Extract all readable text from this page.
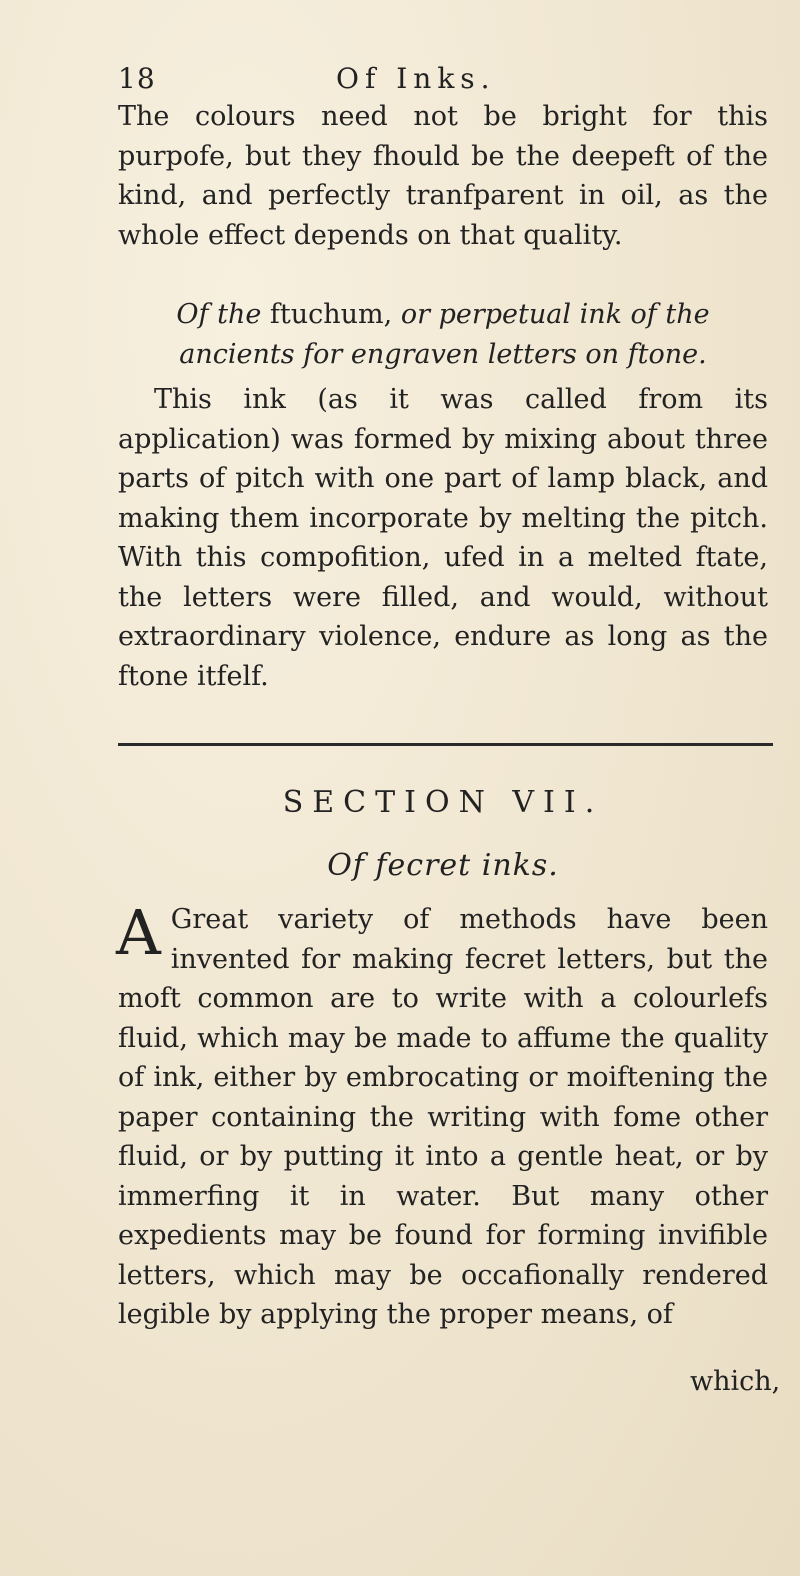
18	Of Inks.

The colours need not be bright for this purpofe, but they fhould be the deepeft of the kind, and perfectly tranfparent in oil, as the whole effect depends on that quality.

Of the ftuchum, or perpetual ink of the ancients for engraven letters on ftone.

This ink (as it was called from its application) was formed by mixing about three parts of pitch with one part of lamp black, and making them incorporate by melting the pitch. With this compofition, ufed in a melted ftate, the letters were filled, and would, without extraordinary violence, endure as long as the ftone itfelf.

SECTION VII.
Of fecret inks.

A Great variety of methods have been invented for making fecret letters, but the moft common are to write with a colourlefs fluid, which may be made to affume the quality of ink, either by embrocating or moiftening the paper containing the writing with fome other fluid, or by putting it into a gentle heat, or by immerfing it in water. But many other expedients may be found for forming invifible letters, which may be occafionally rendered legible by applying the proper means, of

which,
